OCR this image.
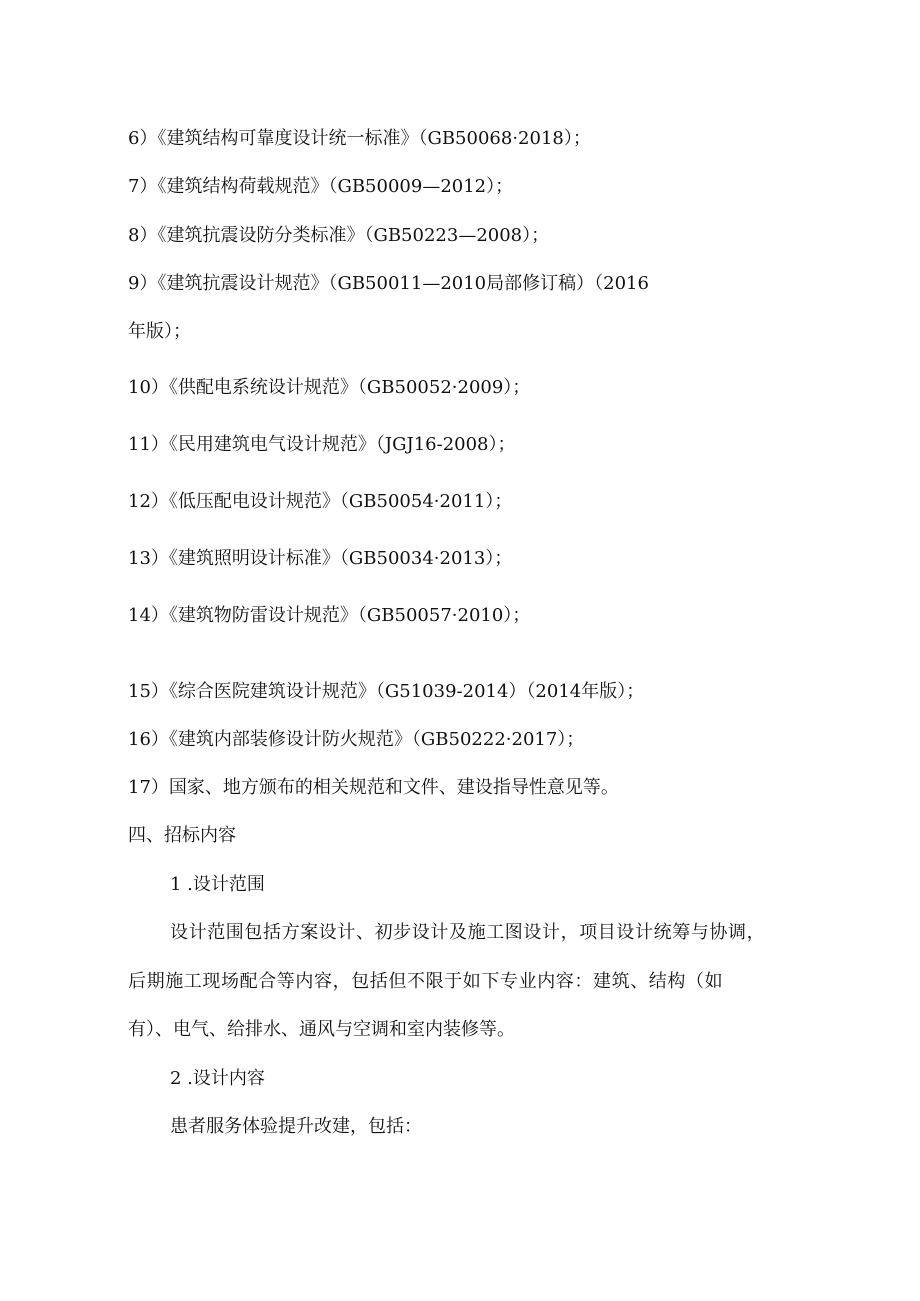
6）《建筑结构可靠度设计统一标准》（GB50068·2018）；
7）《建筑结构荷载规范》（GB50009—2012）；
8）《建筑抗震设防分类标准》（GB50223—2008）；
9）《建筑抗震设计规范》（GB50011—2010局部修订稿）（2016
年版）；
10）《供配电系统设计规范》（GB50052·2009）；
11）《民用建筑电气设计规范》（JGJ16-2008）；
12）《低压配电设计规范》（GB50054·2011）；
13）《建筑照明设计标准》（GB50034·2013）；
14）《建筑物防雷设计规范》（GB50057·2010）；
15）《综合医院建筑设计规范》（G51039-2014）（2014年版）；
16）《建筑内部装修设计防火规范》（GB50222·2017）；
17）国家、地方颁布的相关规范和文件、建设指导性意见等。
四、招标内容
1 .设计范围
设计范围包括方案设计、初步设计及施工图设计，项目设计统筹与协调，
后期施工现场配合等内容，包括但不限于如下专业内容：建筑、结构（如
有）、电气、给排水、通风与空调和室内装修等。
2 .设计内容
患者服务体验提升改建，包括：
